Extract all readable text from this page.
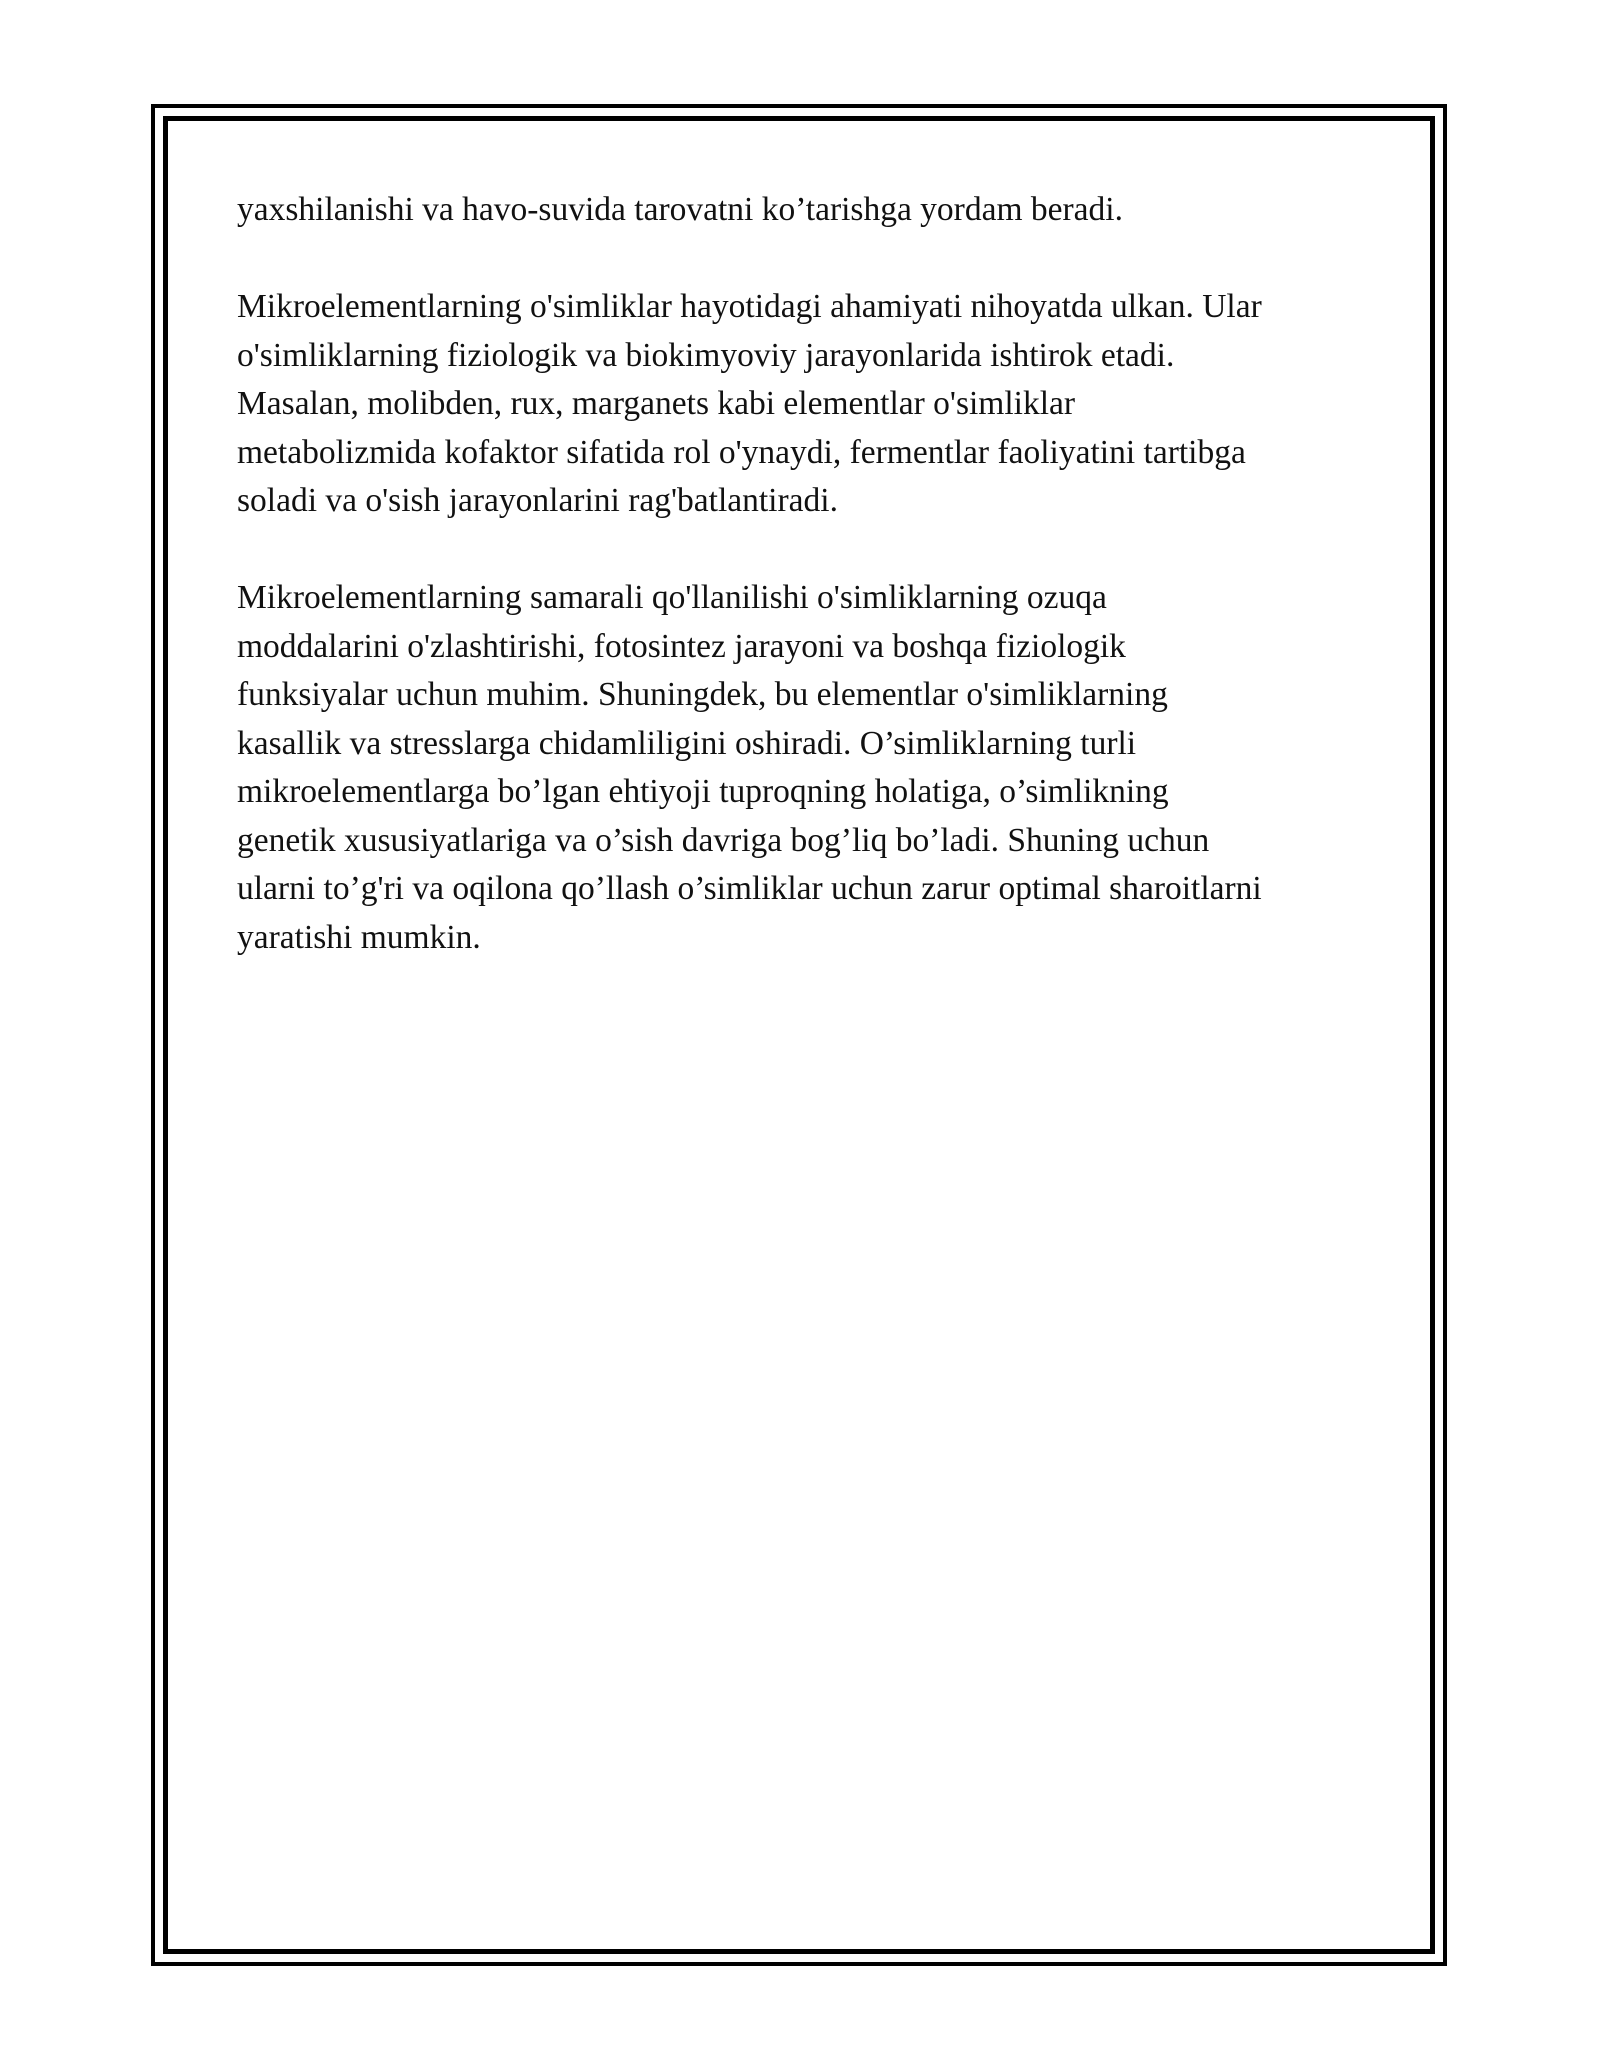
yaxshilanishi va havo-suvida tarovatni ko’tarishga yordam beradi.

Mikroelementlarning o'simliklar hayotidagi ahamiyati nihoyatda ulkan. Ular
o'simliklarning fiziologik va biokimyoviy jarayonlarida ishtirok etadi.
Masalan, molibden, rux, marganets kabi elementlar o'simliklar
metabolizmida kofaktor sifatida rol o'ynaydi, fermentlar faoliyatini tartibga
soladi va o'sish jarayonlarini rag'batlantiradi.

Mikroelementlarning samarali qo'llanilishi o'simliklarning ozuqa
moddalarini o'zlashtirishi, fotosintez jarayoni va boshqa fiziologik
funksiyalar uchun muhim. Shuningdek, bu elementlar o'simliklarning
kasallik va stresslarga chidamliligini oshiradi. O’simliklarning turli
mikroelementlarga bo’lgan ehtiyoji tuproqning holatiga, o’simlikning
genetik xususiyatlariga va o’sish davriga bog’liq bo’ladi. Shuning uchun
ularni to’g'ri va oqilona qo’llash o’simliklar uchun zarur optimal sharoitlarni
yaratishi mumkin.
